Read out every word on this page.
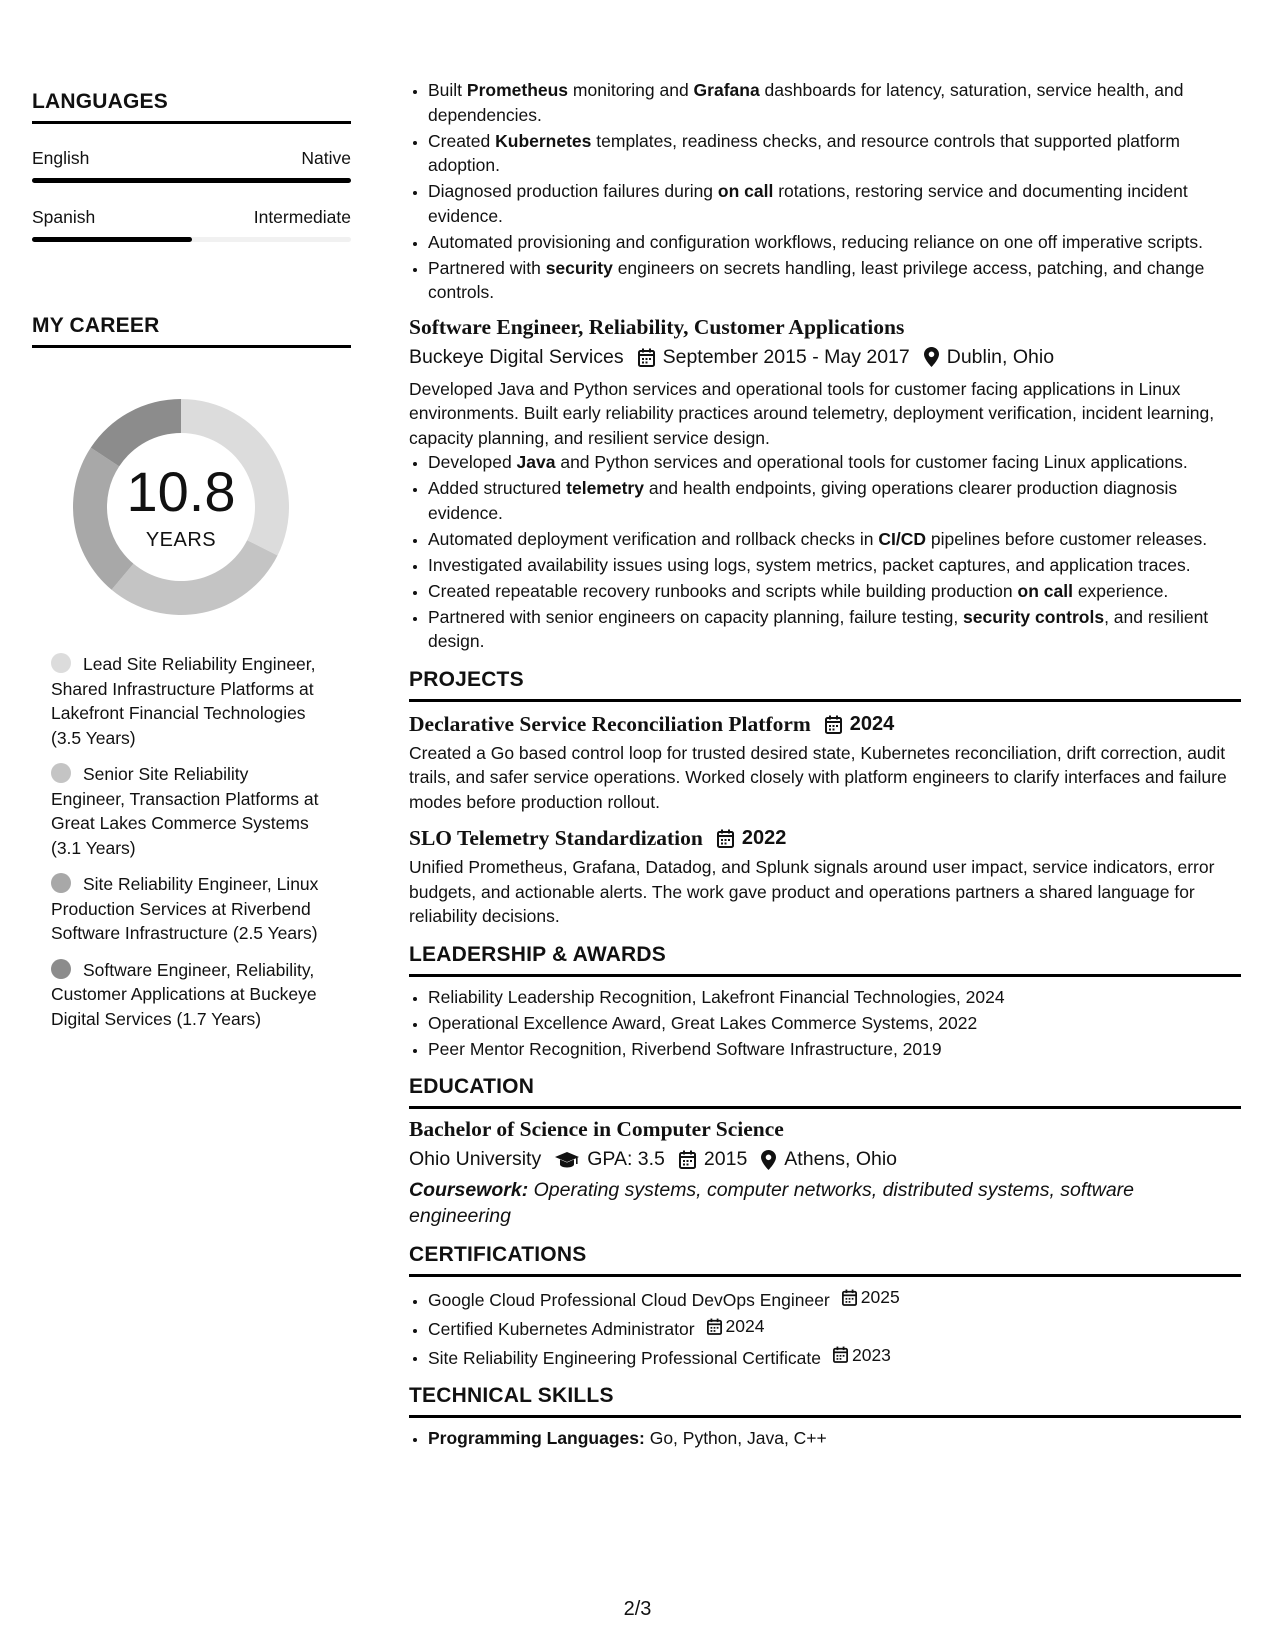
LANGUAGES
English	Native
Spanish	Intermediate
MY CAREER
10.8
YEARS
Lead Site Reliability Engineer, Shared Infrastructure Platforms at Lakefront Financial Technologies (3.5 Years)
Senior Site Reliability Engineer, Transaction Platforms at Great Lakes Commerce Systems (3.1 Years)
Site Reliability Engineer, Linux Production Services at Riverbend Software Infrastructure (2.5 Years)
Software Engineer, Reliability, Customer Applications at Buckeye Digital Services (1.7 Years)
• Built Prometheus monitoring and Grafana dashboards for latency, saturation, service health, and dependencies.
• Created Kubernetes templates, readiness checks, and resource controls that supported platform adoption.
• Diagnosed production failures during on call rotations, restoring service and documenting incident evidence.
• Automated provisioning and configuration workflows, reducing reliance on one off imperative scripts.
• Partnered with security engineers on secrets handling, least privilege access, patching, and change controls.
Software Engineer, Reliability, Customer Applications
Buckeye Digital Services September 2015 - May 2017 Dublin, Ohio
Developed Java and Python services and operational tools for customer facing applications in Linux environments. Built early reliability practices around telemetry, deployment verification, incident learning, capacity planning, and resilient service design.
• Developed Java and Python services and operational tools for customer facing Linux applications.
• Added structured telemetry and health endpoints, giving operations clearer production diagnosis evidence.
• Automated deployment verification and rollback checks in CI/CD pipelines before customer releases.
• Investigated availability issues using logs, system metrics, packet captures, and application traces.
• Created repeatable recovery runbooks and scripts while building production on call experience.
• Partnered with senior engineers on capacity planning, failure testing, security controls, and resilient design.
PROJECTS
Declarative Service Reconciliation Platform 2024
Created a Go based control loop for trusted desired state, Kubernetes reconciliation, drift correction, audit trails, and safer service operations. Worked closely with platform engineers to clarify interfaces and failure modes before production rollout.
SLO Telemetry Standardization 2022
Unified Prometheus, Grafana, Datadog, and Splunk signals around user impact, service indicators, error budgets, and actionable alerts. The work gave product and operations partners a shared language for reliability decisions.
LEADERSHIP & AWARDS
• Reliability Leadership Recognition, Lakefront Financial Technologies, 2024
• Operational Excellence Award, Great Lakes Commerce Systems, 2022
• Peer Mentor Recognition, Riverbend Software Infrastructure, 2019
EDUCATION
Bachelor of Science in Computer Science
Ohio University GPA: 3.5 2015 Athens, Ohio
Coursework: Operating systems, computer networks, distributed systems, software engineering
CERTIFICATIONS
• Google Cloud Professional Cloud DevOps Engineer 2025
• Certified Kubernetes Administrator 2024
• Site Reliability Engineering Professional Certificate 2023
TECHNICAL SKILLS
• Programming Languages: Go, Python, Java, C++
2/3
